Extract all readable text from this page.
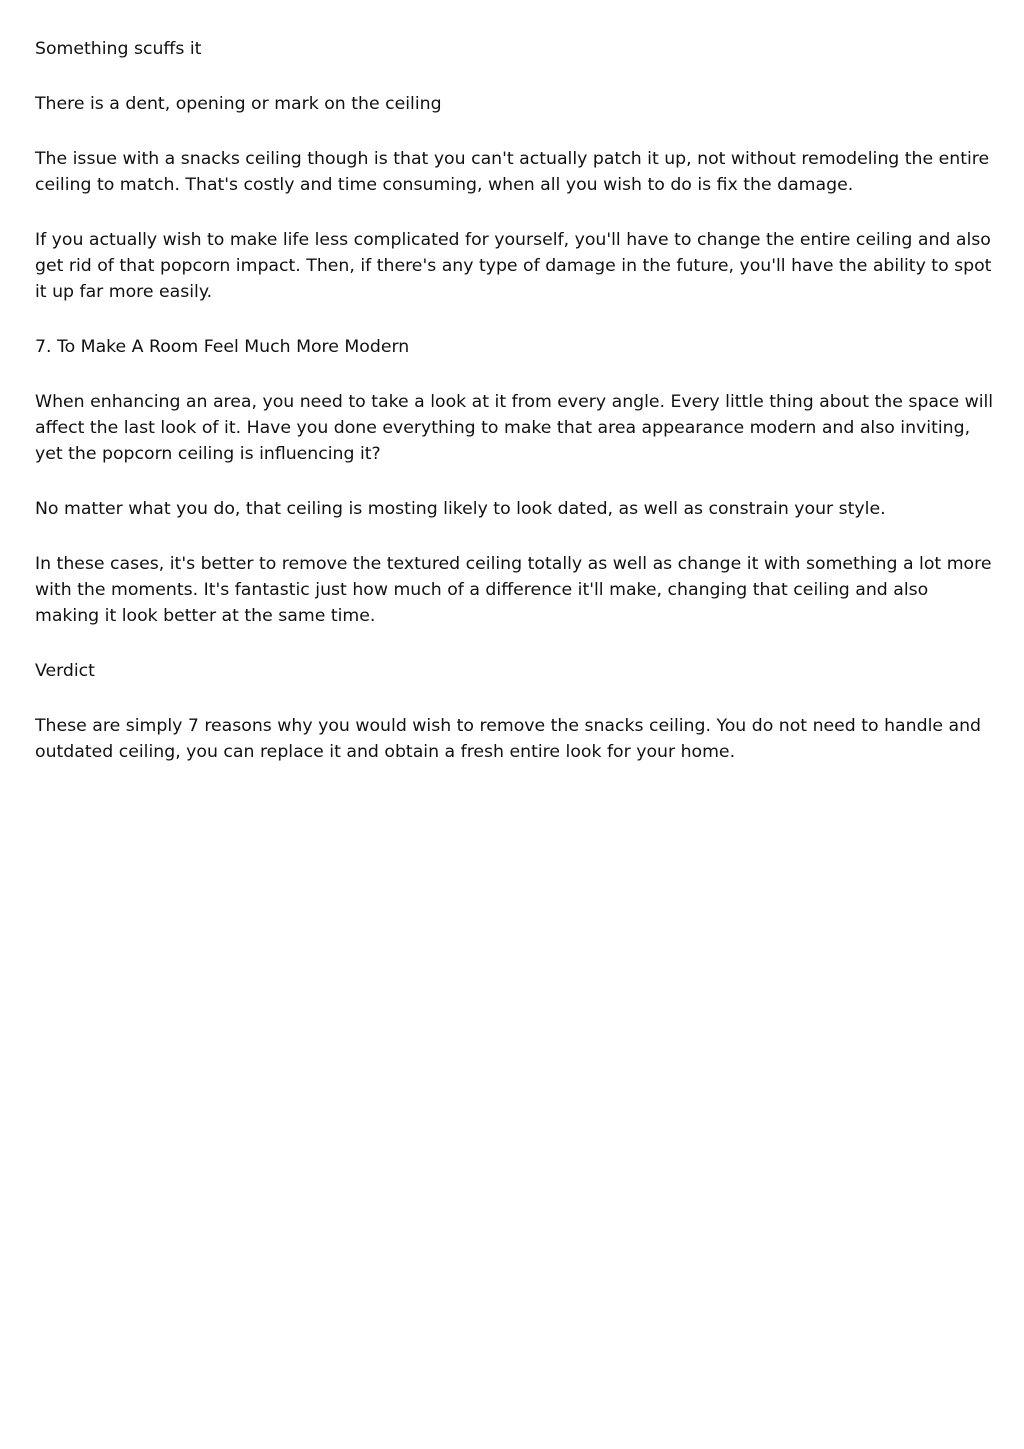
Something scuffs it

There is a dent, opening or mark on the ceiling

The issue with a snacks ceiling though is that you can't actually patch it up, not without remodeling the entire ceiling to match. That's costly and time consuming, when all you wish to do is fix the damage.

If you actually wish to make life less complicated for yourself, you'll have to change the entire ceiling and also get rid of that popcorn impact. Then, if there's any type of damage in the future, you'll have the ability to spot it up far more easily.

7. To Make A Room Feel Much More Modern

When enhancing an area, you need to take a look at it from every angle. Every little thing about the space will affect the last look of it. Have you done everything to make that area appearance modern and also inviting, yet the popcorn ceiling is influencing it?

No matter what you do, that ceiling is mosting likely to look dated, as well as constrain your style.

In these cases, it's better to remove the textured ceiling totally as well as change it with something a lot more with the moments. It's fantastic just how much of a difference it'll make, changing that ceiling and also making it look better at the same time.

Verdict

These are simply 7 reasons why you would wish to remove the snacks ceiling. You do not need to handle and outdated ceiling, you can replace it and obtain a fresh entire look for your home.
